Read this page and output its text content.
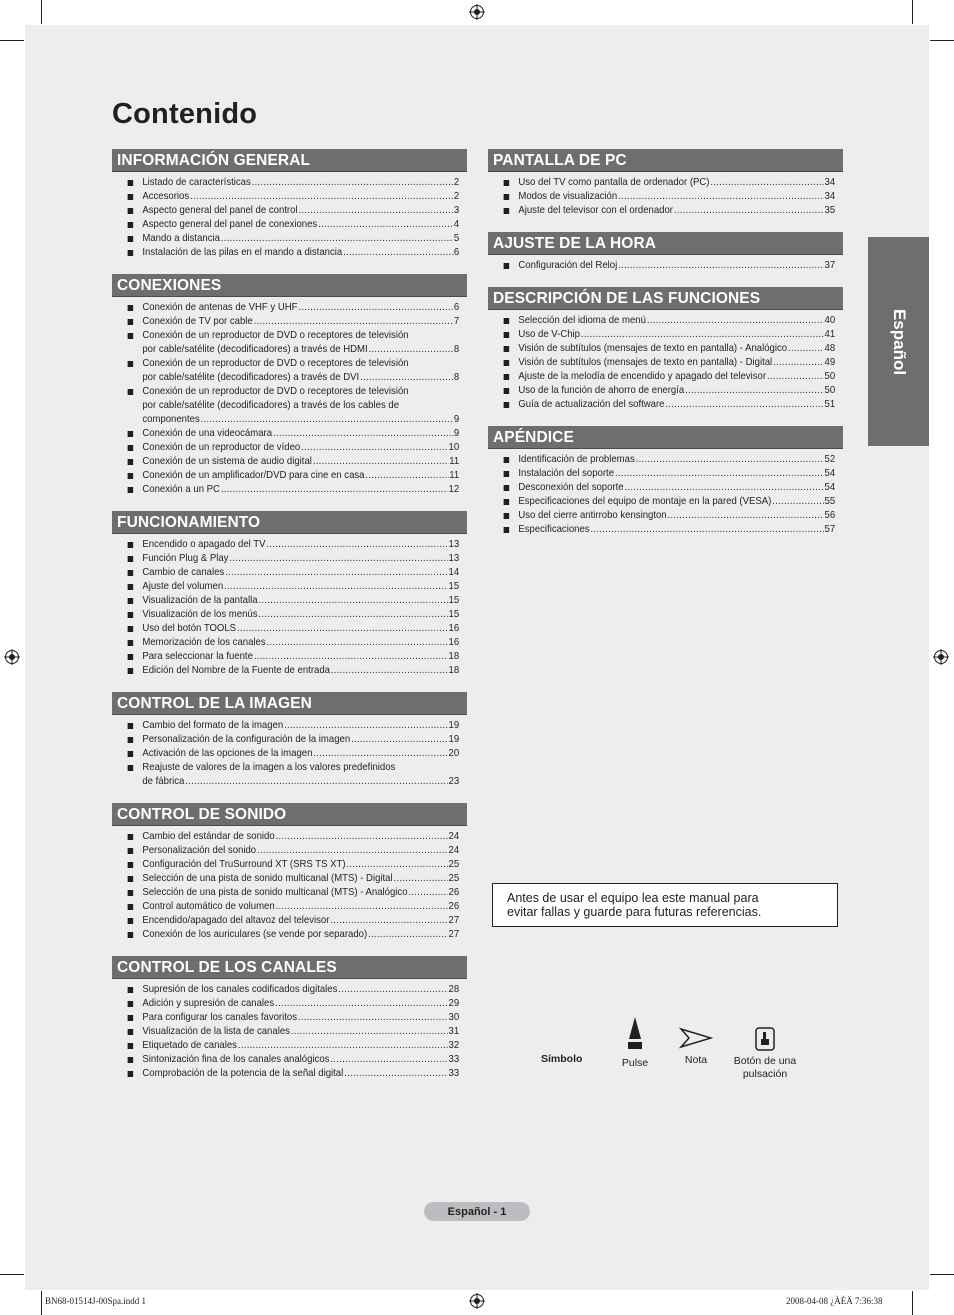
Contenido
INFORMACIÓN GENERAL
Listado de características .....	2
Accesorios .....	2
Aspecto general del panel de control .....	3
Aspecto general del panel de conexiones .....	4
Mando a distancia .....	5
Instalación de las pilas en el mando a distancia .....	6
CONEXIONES
Conexión de antenas de VHF y UHF .....	6
Conexión de TV por cable .....	7
Conexión de un reproductor de DVD o receptores de televisión
por cable/satélite (decodificadores) a través de HDMI .....	8
Conexión de un reproductor de DVD o receptores de televisión
por cable/satélite (decodificadores) a través de DVI .....	8
Conexión de un reproductor de DVD o receptores de televisión
por cable/satélite (decodificadores) a través de los cables de
componentes .....	9
Conexión de una videocámara .....	9
Conexión de un reproductor de vídeo .....	10
Conexión de un sistema de audio digital .....	11
Conexión de un amplificador/DVD para cine en casa .....	11
Conexión a un PC .....	12
FUNCIONAMIENTO
Encendido o apagado del TV .....	13
Función Plug & Play .....	13
Cambio de canales .....	14
Ajuste del volumen .....	15
Visualización de la pantalla .....	15
Visualización de los menús .....	15
Uso del botón TOOLS .....	16
Memorización de los canales .....	16
Para seleccionar la fuente .....	18
Edición del Nombre de la Fuente de entrada .....	18
CONTROL DE LA IMAGEN
Cambio del formato de la imagen .....	19
Personalización de la configuración de la imagen .....	19
Activación de las opciones de la imagen .....	20
Reajuste de valores de la imagen a los valores predefinidos
de fábrica .....	23
CONTROL DE SONIDO
Cambio del estándar de sonido .....	24
Personalización del sonido .....	24
Configuración del TruSurround XT (SRS TS XT) .....	25
Selección de una pista de sonido multicanal (MTS) - Digital .....	25
Selección de una pista de sonido multicanal (MTS) - Analógico .....	26
Control automático de volumen .....	26
Encendido/apagado del altavoz del televisor .....	27
Conexión de los auriculares (se vende por separado) .....	27
CONTROL DE LOS CANALES
Supresión de los canales codificados digitales .....	28
Adición y supresión de canales .....	29
Para configurar los canales favoritos .....	30
Visualización de la lista de canales .....	31
Etiquetado de canales .....	32
Sintonización fina de los canales analógicos .....	33
Comprobación de la potencia de la señal digital .....	33
PANTALLA DE PC
Uso del TV como pantalla de ordenador (PC) .....	34
Modos de visualización .....	34
Ajuste del televisor con el ordenador .....	35
AJUSTE DE LA HORA
Configuración del Reloj .....	37
DESCRIPCIÓN DE LAS FUNCIONES
Selección del idioma de menú .....	40
Uso de V-Chip .....	41
Visión de subtítulos (mensajes de texto en pantalla) - Analógico .....	48
Visión de subtítulos (mensajes de texto en pantalla) - Digital .....	49
Ajuste de la melodía de encendido y apagado del televisor .....	50
Uso de la función de ahorro de energía .....	50
Guía de actualización del software .....	51
APÉNDICE
Identificación de problemas .....	52
Instalación del soporte .....	54
Desconexión del soporte .....	54
Especificaciones del equipo de montaje en la pared (VESA) .....	55
Uso del cierre antirrobo kensington .....	56
Especificaciones .....	57
Español

Antes de usar el equipo lea este manual para
evitar fallas y guarde para futuras referencias.

Símbolo	Pulse	Nota	Botón de una
pulsación
Español - 1
BN68-01514J-00Spa.indd 1	2008-04-08 ¿ÀÈÄ 7:36:38
